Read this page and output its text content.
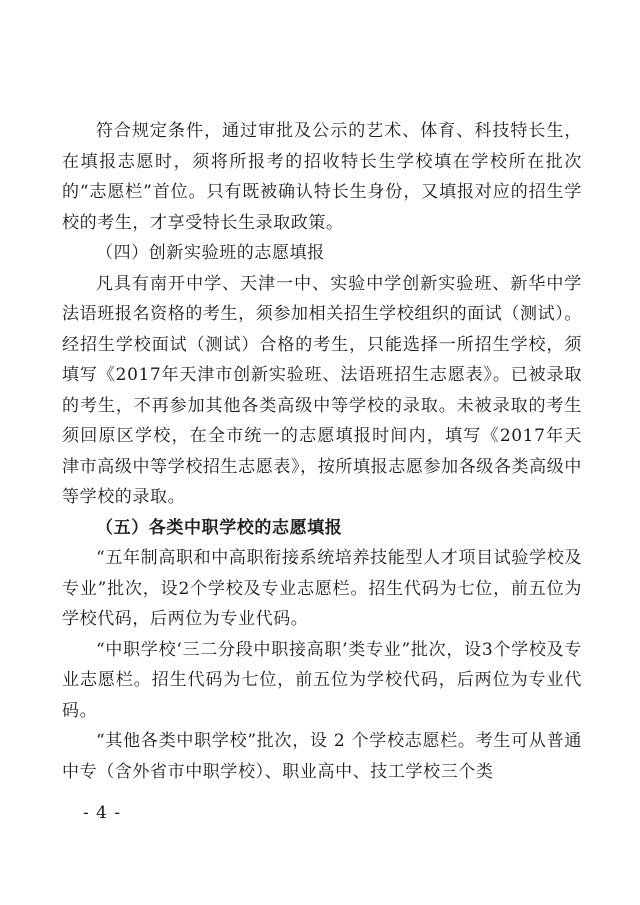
符合规定条件，通过审批及公示的艺术、体育、科技特长生，在填报志愿时，须将所报考的招收特长生学校填在学校所在批次的“志愿栏”首位。只有既被确认特长生身份，又填报对应的招生学校的考生，才享受特长生录取政策。

（四）创新实验班的志愿填报

凡具有南开中学、天津一中、实验中学创新实验班、新华中学法语班报名资格的考生，须参加相关招生学校组织的面试（测试）。经招生学校面试（测试）合格的考生，只能选择一所招生学校，须填写《2017年天津市创新实验班、法语班招生志愿表》。已被录取的考生，不再参加其他各类高级中等学校的录取。未被录取的考生须回原区学校，在全市统一的志愿填报时间内，填写《2017年天津市高级中等学校招生志愿表》，按所填报志愿参加各级各类高级中等学校的录取。

（五）各类中职学校的志愿填报

“五年制高职和中高职衔接系统培养技能型人才项目试验学校及专业”批次，设2个学校及专业志愿栏。招生代码为七位，前五位为学校代码，后两位为专业代码。

“中职学校‘三二分段中职接高职’类专业”批次，设3个学校及专业志愿栏。招生代码为七位，前五位为学校代码，后两位为专业代码。

“其他各类中职学校”批次，设 2 个学校志愿栏。考生可从普通中专（含外省市中职学校）、职业高中、技工学校三个类

- 4 -
